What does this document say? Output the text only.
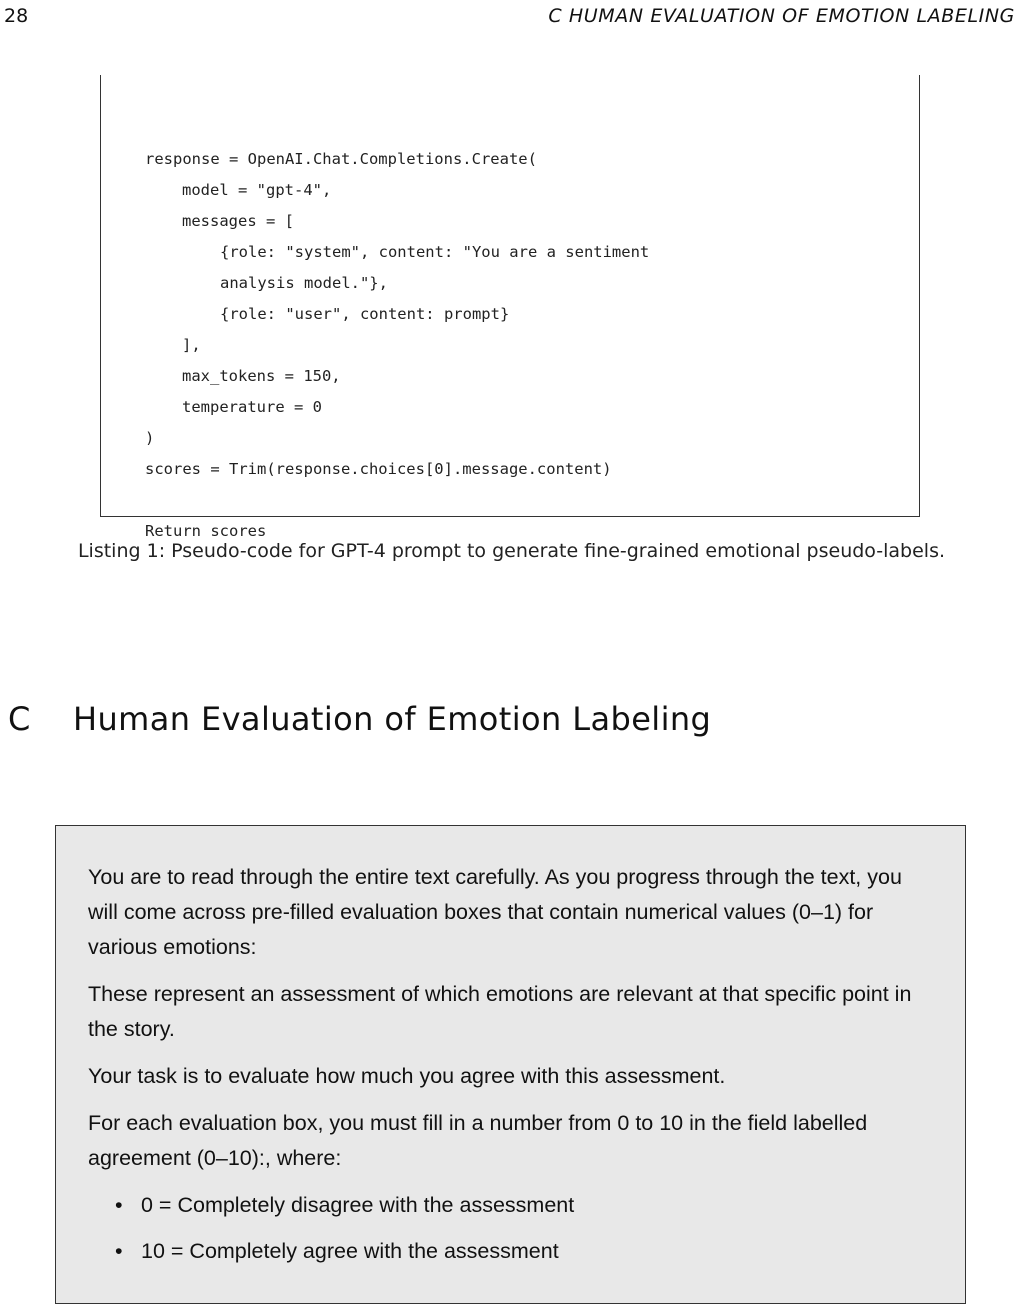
28	C HUMAN EVALUATION OF EMOTION LABELING
response = OpenAI.Chat.Completions.Create(
model = "gpt-4",
messages = [
{role: "system", content: "You are a sentiment
analysis model."},
{role: "user", content: prompt}
],
max_tokens = 150,
temperature = 0
)
scores = Trim(response.choices[0].message.content)
Return scores
Listing 1: Pseudo-code for GPT-4 prompt to generate fine-grained emotional pseudo-labels.
C Human Evaluation of Emotion Labeling

You are to read through the entire text carefully. As you progress through the text, you will come across pre-filled evaluation boxes that contain numerical values (0–1) for various emotions:

These represent an assessment of which emotions are relevant at that specific point in the story.

Your task is to evaluate how much you agree with this assessment.

For each evaluation box, you must fill in a number from 0 to 10 in the field labelled agreement (0–10):, where:

• 0 = Completely disagree with the assessment
• 10 = Completely agree with the assessment
